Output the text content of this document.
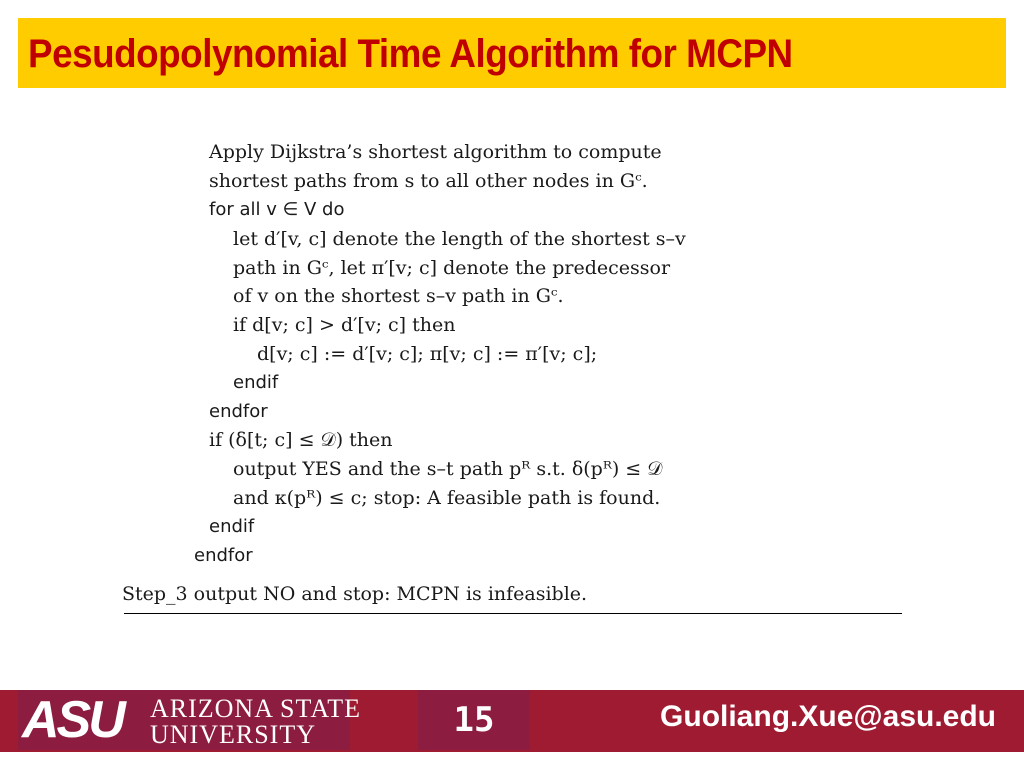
Pesudopolynomial Time Algorithm for MCPN
Apply Dijkstra’s shortest algorithm to compute
shortest paths from s to all other nodes in Gᶜ.
for all v ∈ V do
let d′[v, c] denote the length of the shortest s–v
path in Gᶜ, let π′[v; c] denote the predecessor
of v on the shortest s–v path in Gᶜ.
if d[v; c] > d′[v; c] then
d[v; c] := d′[v; c]; π[v; c] := π′[v; c];
endif
endfor
if (δ[t; c] ≤ 𝒟) then
output YES and the s–t path pᴿ s.t. δ(pᴿ) ≤ 𝒟
and κ(pᴿ) ≤ c; stop: A feasible path is found.
endif
endfor
Step_3 output NO and stop: MCPN is infeasible.
ASU ARIZONA STATE
UNIVERSITY	15	Guoliang.Xue@asu.edu
